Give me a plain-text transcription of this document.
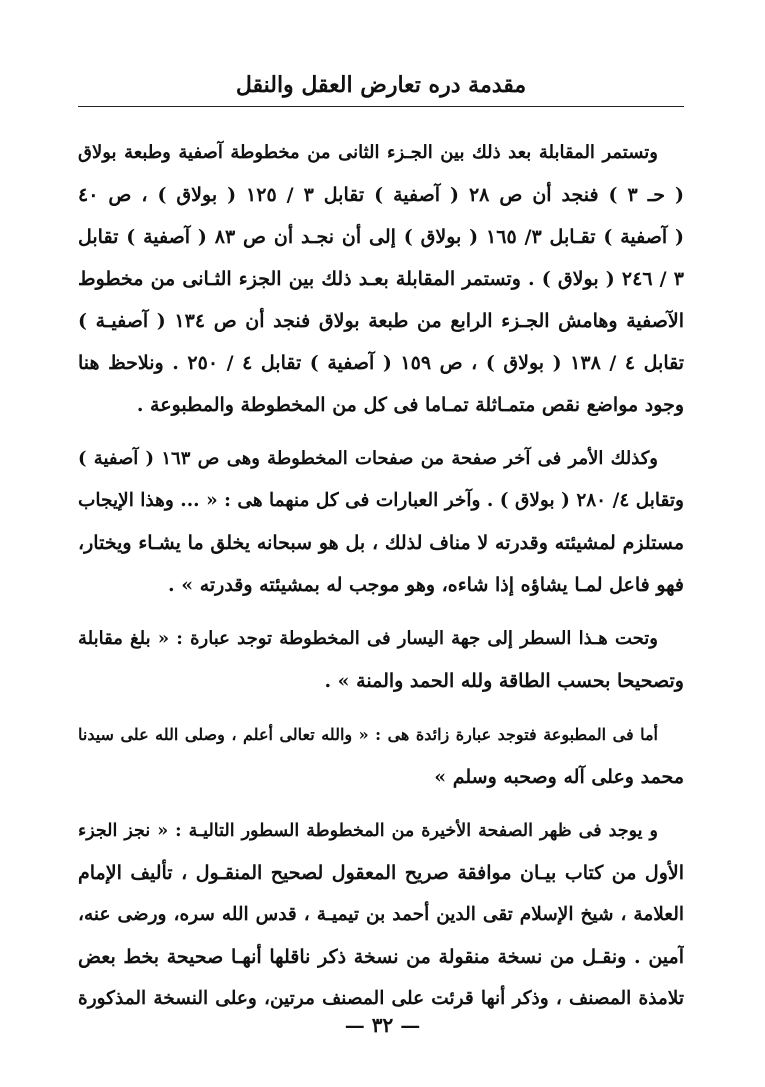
مقدمة دره تعارض العقل والنقل
وتستمر المقابلة بعد ذلك بين الجـزء الثانى من مخطوطة آصفية وطبعة بولاق
( حـ ٣ ) فنجد أن ص ٢٨ ( آصفية ) تقابل ٣ / ١٢٥ ( بولاق ) ، ص ٤٠
( آصفية ) تقـابل ٣/ ١٦٥ ( بولاق ) إلى أن نجـد أن ص ٨٣ ( آصفية ) تقابل
٣ / ٢٤٦ ( بولاق ) . وتستمر المقابلة بعـد ذلك بين الجزء الثـانى من مخطوط
الآصفية وهامش الجـزء الرابع من طبعة بولاق فنجد أن ص ١٣٤ ( آصفيـة )
تقابل ٤ / ١٣٨ ( بولاق ) ، ص ١٥٩ ( آصفية ) تقابل ٤ / ٢٥٠ . ونلاحظ هنا
وجود مواضع نقص متمـاثلة تمـاما فى كل من المخطوطة والمطبوعة .
وكذلك الأمر فى آخر صفحة من صفحات المخطوطة وهى ص ١٦٣ ( آصفية )
وتقابل ٤/ ٢٨٠ ( بولاق ) . وآخر العبارات فى كل منهما هى : « ... وهذا الإيجاب
مستلزم لمشيئته وقدرته لا مناف لذلك ، بل هو سبحانه يخلق ما يشـاء ويختار،
فهو فاعل لمـا يشاؤه إذا شاءه، وهو موجب له بمشيئته وقدرته » .
وتحت هـذا السطر إلى جهة اليسار فى المخطوطة توجد عبارة : « بلغ مقابلة
وتصحيحا بحسب الطاقة ولله الحمد والمنة » .
أما فى المطبوعة فتوجد عبارة زائدة هى : « والله تعالى أعلم ، وصلى الله على سيدنا
محمد وعلى آله وصحبه وسلم »
و يوجد فى ظهر الصفحة الأخيرة من المخطوطة السطور التاليـة : « نجز الجزء
الأول من كتاب بيـان موافقة صريح المعقول لصحيح المنقـول ، تأليف الإمام
العلامة ، شيخ الإسلام تقى الدين أحمد بن تيميـة ، قدس الله سره، ورضى عنه،
آمين . ونقـل من نسخة منقولة من نسخة ذكر ناقلها أنهـا صحيحة بخط بعض
تلامذة المصنف ، وذكر أنها قرئت على المصنف مرتين، وعلى النسخة المذكورة
— ٣٢ —
